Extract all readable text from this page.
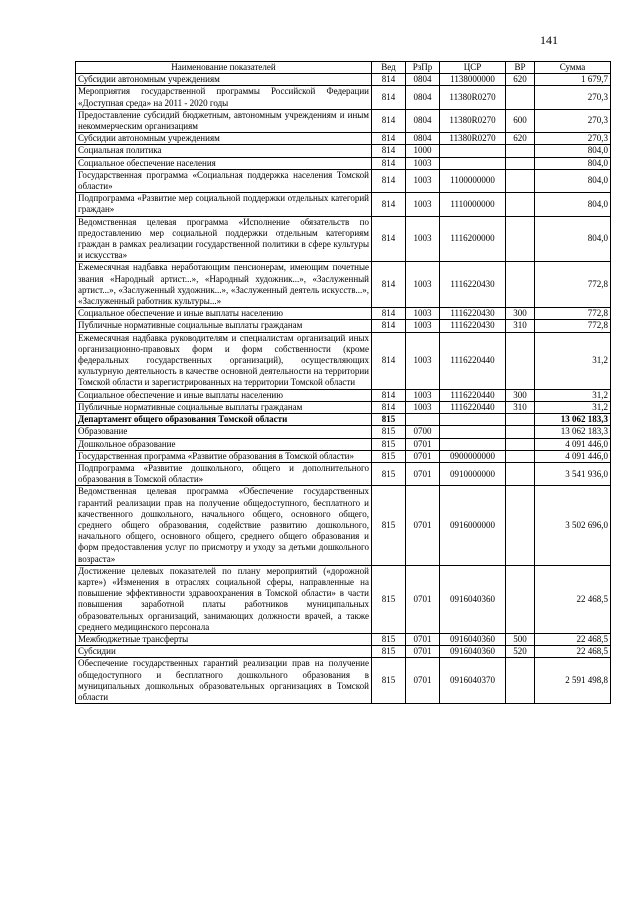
141
Наименование показателей	Вед	РзПр	ЦСР	ВР	Сумма
Субсидии автономным учреждениям	814	0804	1138000000	620	1 679,7
Мероприятия государственной программы Российской Федерации «Доступная среда» на 2011 - 2020 годы	814	0804	11380R0270		270,3
Предоставление субсидий бюджетным, автономным учреждениям и иным некоммерческим организациям	814	0804	11380R0270	600	270,3
Субсидии автономным учреждениям	814	0804	11380R0270	620	270,3
Социальная политика	814	1000			804,0
Социальное обеспечение населения	814	1003			804,0
Государственная программа «Социальная поддержка населения Томской области»	814	1003	1100000000		804,0
Подпрограмма «Развитие мер социальной поддержки отдельных категорий граждан»	814	1003	1110000000		804,0
Ведомственная целевая программа «Исполнение обязательств по предоставлению мер социальной поддержки отдельным категориям граждан в рамках реализации государственной политики в сфере культуры и искусства»	814	1003	1116200000		804,0
Ежемесячная надбавка неработающим пенсионерам, имеющим почетные звания «Народный артист...», «Народный художник...», «Заслуженный артист...», «Заслуженный художник...», «Заслуженный деятель искусств...», «Заслуженный работник культуры...»	814	1003	1116220430		772,8
Социальное обеспечение и иные выплаты населению	814	1003	1116220430	300	772,8
Публичные нормативные социальные выплаты гражданам	814	1003	1116220430	310	772,8
Ежемесячная надбавка руководителям и специалистам организаций иных организационно-правовых форм и форм собственности (кроме федеральных государственных организаций), осуществляющих культурную деятельность в качестве основной деятельности на территории Томской области и зарегистрированных на территории Томской области	814	1003	1116220440		31,2
Социальное обеспечение и иные выплаты населению	814	1003	1116220440	300	31,2
Публичные нормативные социальные выплаты гражданам	814	1003	1116220440	310	31,2
Департамент общего образования Томской области	815				13 062 183,3
Образование	815	0700			13 062 183,3
Дошкольное образование	815	0701			4 091 446,0
Государственная программа «Развитие образования в Томской области»	815	0701	0900000000		4 091 446,0
Подпрограмма «Развитие дошкольного, общего и дополнительного образования в Томской области»	815	0701	0910000000		3 541 936,0
Ведомственная целевая программа «Обеспечение государственных гарантий реализации прав на получение общедоступного, бесплатного и качественного дошкольного, начального общего, основного общего, среднего общего образования, содействие развитию дошкольного, начального общего, основного общего, среднего общего образования и форм предоставления услуг по присмотру и уходу за детьми дошкольного возраста»	815	0701	0916000000		3 502 696,0
Достижение целевых показателей по плану мероприятий («дорожной карте») «Изменения в отраслях социальной сферы, направленные на повышение эффективности здравоохранения в Томской области» в части повышения заработной платы работников муниципальных образовательных организаций, занимающих должности врачей, а также среднего медицинского персонала	815	0701	0916040360		22 468,5
Межбюджетные трансферты	815	0701	0916040360	500	22 468,5
Субсидии	815	0701	0916040360	520	22 468,5
Обеспечение государственных гарантий реализации прав на получение общедоступного и бесплатного дошкольного образования в муниципальных дошкольных образовательных организациях в Томской области	815	0701	0916040370		2 591 498,8
